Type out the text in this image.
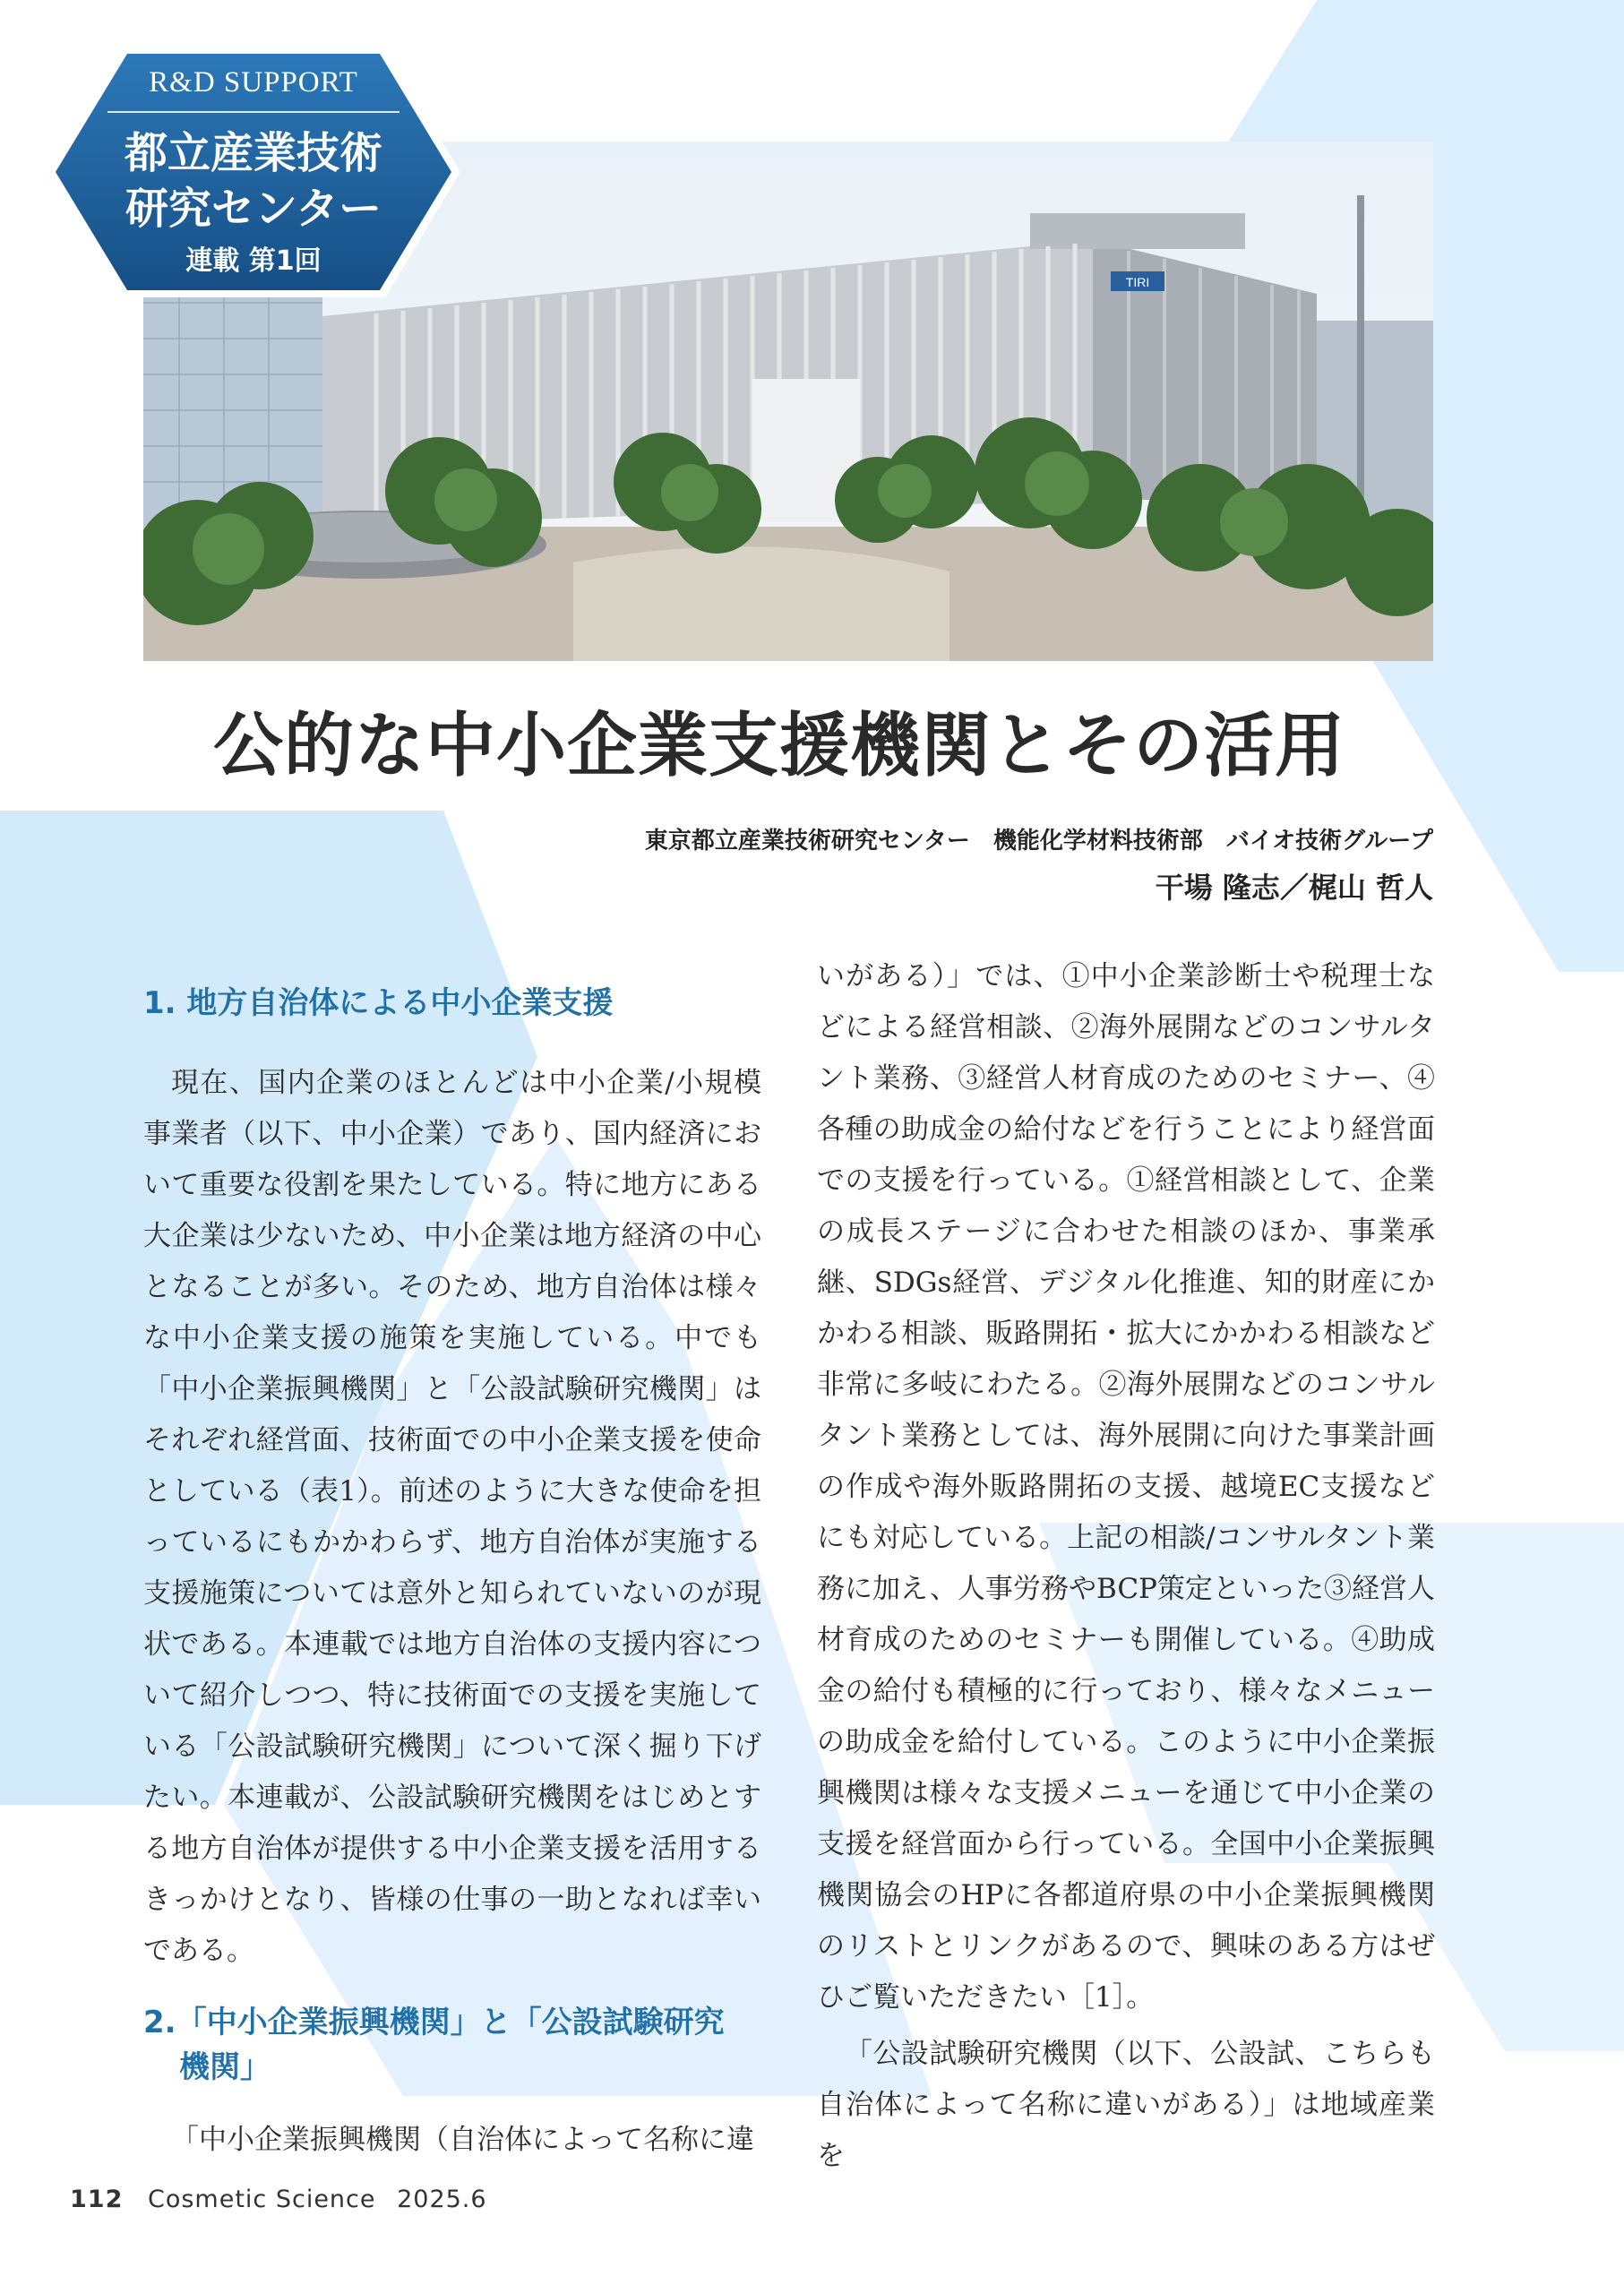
R&D SUPPORT
都立産業技術
研究センター
連載 第1回
TIRI
公的な中小企業支援機関とその活用
東京都立産業技術研究センター　機能化学材料技術部　バイオ技術グループ
干場 隆志／梶山 哲人
1. 地方自治体による中小企業支援

現在、国内企業のほとんどは中小企業/小規模事業者（以下、中小企業）であり、国内経済において重要な役割を果たしている。特に地方にある大企業は少ないため、中小企業は地方経済の中心となることが多い。そのため、地方自治体は様々な中小企業支援の施策を実施している。中でも「中小企業振興機関」と「公設試験研究機関」はそれぞれ経営面、技術面での中小企業支援を使命としている（表1）。前述のように大きな使命を担っているにもかかわらず、地方自治体が実施する支援施策については意外と知られていないのが現状である。本連載では地方自治体の支援内容について紹介しつつ、特に技術面での支援を実施している「公設試験研究機関」について深く掘り下げたい。本連載が、公設試験研究機関をはじめとする地方自治体が提供する中小企業支援を活用するきっかけとなり、皆様の仕事の一助となれば幸いである。

2.「中小企業振興機関」と「公設試験研究
機関」

「中小企業振興機関（自治体によって名称に違

いがある）」では、①中小企業診断士や税理士などによる経営相談、②海外展開などのコンサルタント業務、③経営人材育成のためのセミナー、④各種の助成金の給付などを行うことにより経営面での支援を行っている。①経営相談として、企業の成長ステージに合わせた相談のほか、事業承継、SDGs経営、デジタル化推進、知的財産にかかわる相談、販路開拓・拡大にかかわる相談など非常に多岐にわたる。②海外展開などのコンサルタント業務としては、海外展開に向けた事業計画の作成や海外販路開拓の支援、越境EC支援などにも対応している。上記の相談/コンサルタント業務に加え、人事労務やBCP策定といった③経営人材育成のためのセミナーも開催している。④助成金の給付も積極的に行っており、様々なメニューの助成金を給付している。このように中小企業振興機関は様々な支援メニューを通じて中小企業の支援を経営面から行っている。全国中小企業振興機関協会のHPに各都道府県の中小企業振興機関のリストとリンクがあるので、興味のある方はぜひご覧いただきたい［1］。

「公設試験研究機関（以下、公設試、こちらも自治体によって名称に違いがある）」は地域産業を

112 Cosmetic Science 2025.6
